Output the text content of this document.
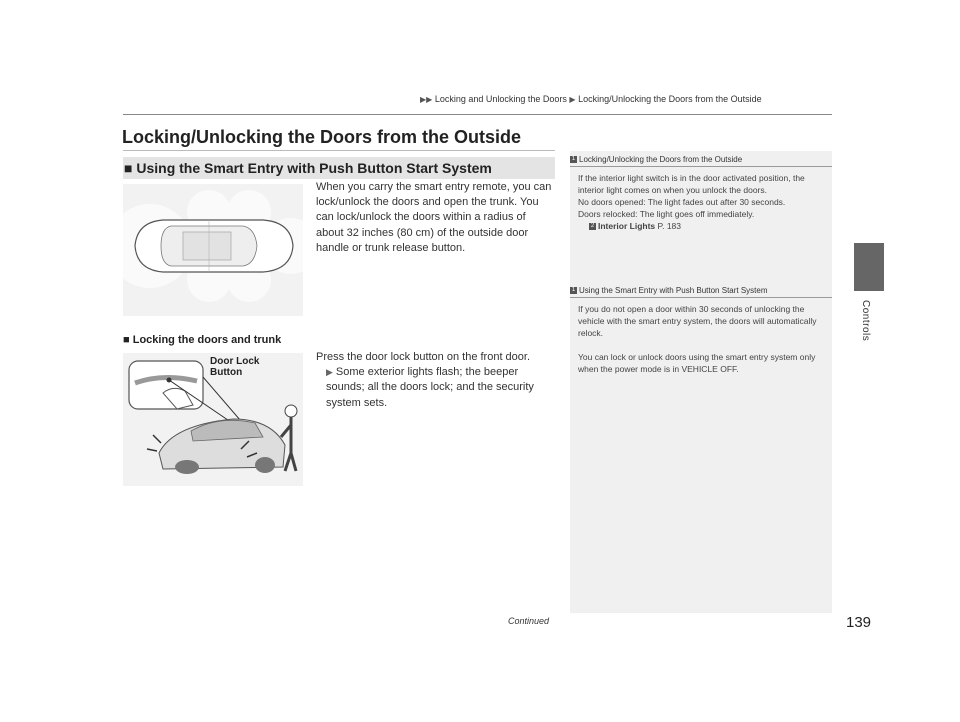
▶▶ Locking and Unlocking the Doors ▶ Locking/Unlocking the Doors from the Outside
Locking/Unlocking the Doors from the Outside
Controls
■ Using the Smart Entry with Push Button Start System
When you carry the smart entry remote, you can lock/unlock the doors and open the trunk. You can lock/unlock the doors within a radius of about 32 inches (80 cm) of the outside door handle or trunk release button.
■ Locking the doors and trunk
Door Lock
Button
Press the door lock button on the front door.
▶ Some exterior lights flash; the beeper sounds; all the doors lock; and the security system sets.
1 Locking/Unlocking the Doors from the Outside
If the interior light switch is in the door activated position, the interior light comes on when you unlock the doors.
No doors opened: The light fades out after 30 seconds.
Doors relocked: The light goes off immediately.
2 Interior Lights P. 183
1 Using the Smart Entry with Push Button Start System
If you do not open a door within 30 seconds of unlocking the vehicle with the smart entry system, the doors will automatically relock.
You can lock or unlock doors using the smart entry system only when the power mode is in VEHICLE OFF.
Continued	139
